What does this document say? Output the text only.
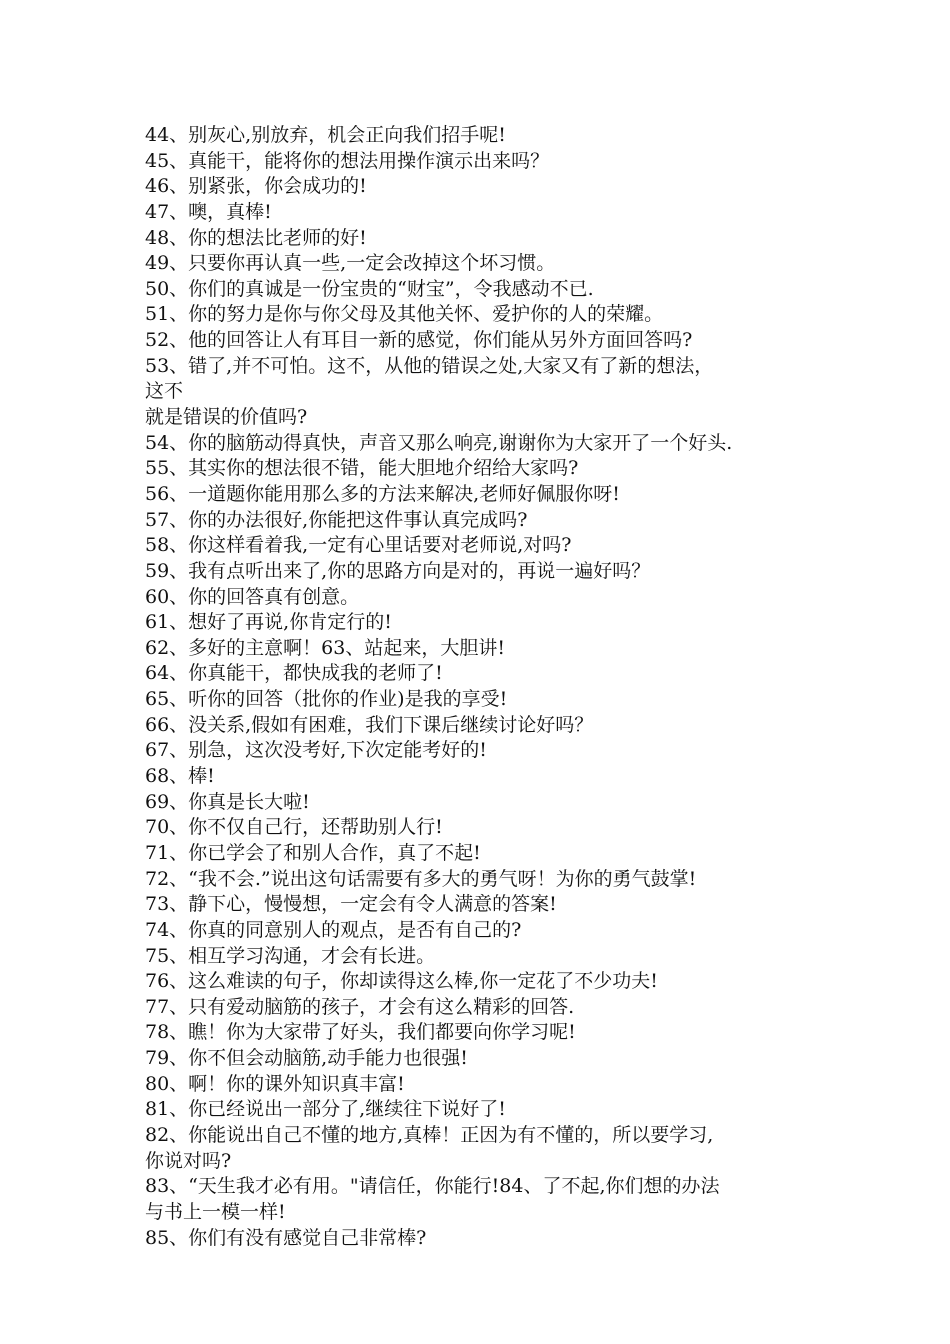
44、别灰心,别放弃，机会正向我们招手呢!
45、真能干，能将你的想法用操作演示出来吗？
46、别紧张，你会成功的!
47、噢，真棒!
48、你的想法比老师的好!
49、只要你再认真一些,一定会改掉这个坏习惯。
50、你们的真诚是一份宝贵的“财宝”，令我感动不已.
51、你的努力是你与你父母及其他关怀、爱护你的人的荣耀。
52、他的回答让人有耳目一新的感觉，你们能从另外方面回答吗?
53、错了,并不可怕。这不，从他的错误之处,大家又有了新的想法，
这不
就是错误的价值吗?
54、你的脑筋动得真快，声音又那么响亮,谢谢你为大家开了一个好头.
55、其实你的想法很不错，能大胆地介绍给大家吗?
56、一道题你能用那么多的方法来解决,老师好佩服你呀!
57、你的办法很好,你能把这件事认真完成吗?
58、你这样看着我,一定有心里话要对老师说,对吗?
59、我有点听出来了,你的思路方向是对的，再说一遍好吗？
60、你的回答真有创意。
61、想好了再说,你肯定行的!
62、多好的主意啊！63、站起来，大胆讲!
64、你真能干，都快成我的老师了!
65、听你的回答（批你的作业)是我的享受!
66、没关系,假如有困难，我们下课后继续讨论好吗？
67、别急，这次没考好,下次定能考好的!
68、棒!
69、你真是长大啦!
70、你不仅自己行，还帮助别人行!
71、你已学会了和别人合作，真了不起!
72、“我不会.”说出这句话需要有多大的勇气呀！为你的勇气鼓掌!
73、静下心，慢慢想，一定会有令人满意的答案!
74、你真的同意别人的观点，是否有自己的?
75、相互学习沟通，才会有长进。
76、这么难读的句子，你却读得这么棒,你一定花了不少功夫!
77、只有爱动脑筋的孩子，才会有这么精彩的回答.
78、瞧！你为大家带了好头，我们都要向你学习呢!
79、你不但会动脑筋,动手能力也很强!
80、啊！你的课外知识真丰富!
81、你已经说出一部分了,继续往下说好了!
82、你能说出自己不懂的地方,真棒！正因为有不懂的，所以要学习,
你说对吗?
83、“天生我才必有用。"请信任，你能行!84、了不起,你们想的办法
与书上一模一样!
85、你们有没有感觉自己非常棒?
